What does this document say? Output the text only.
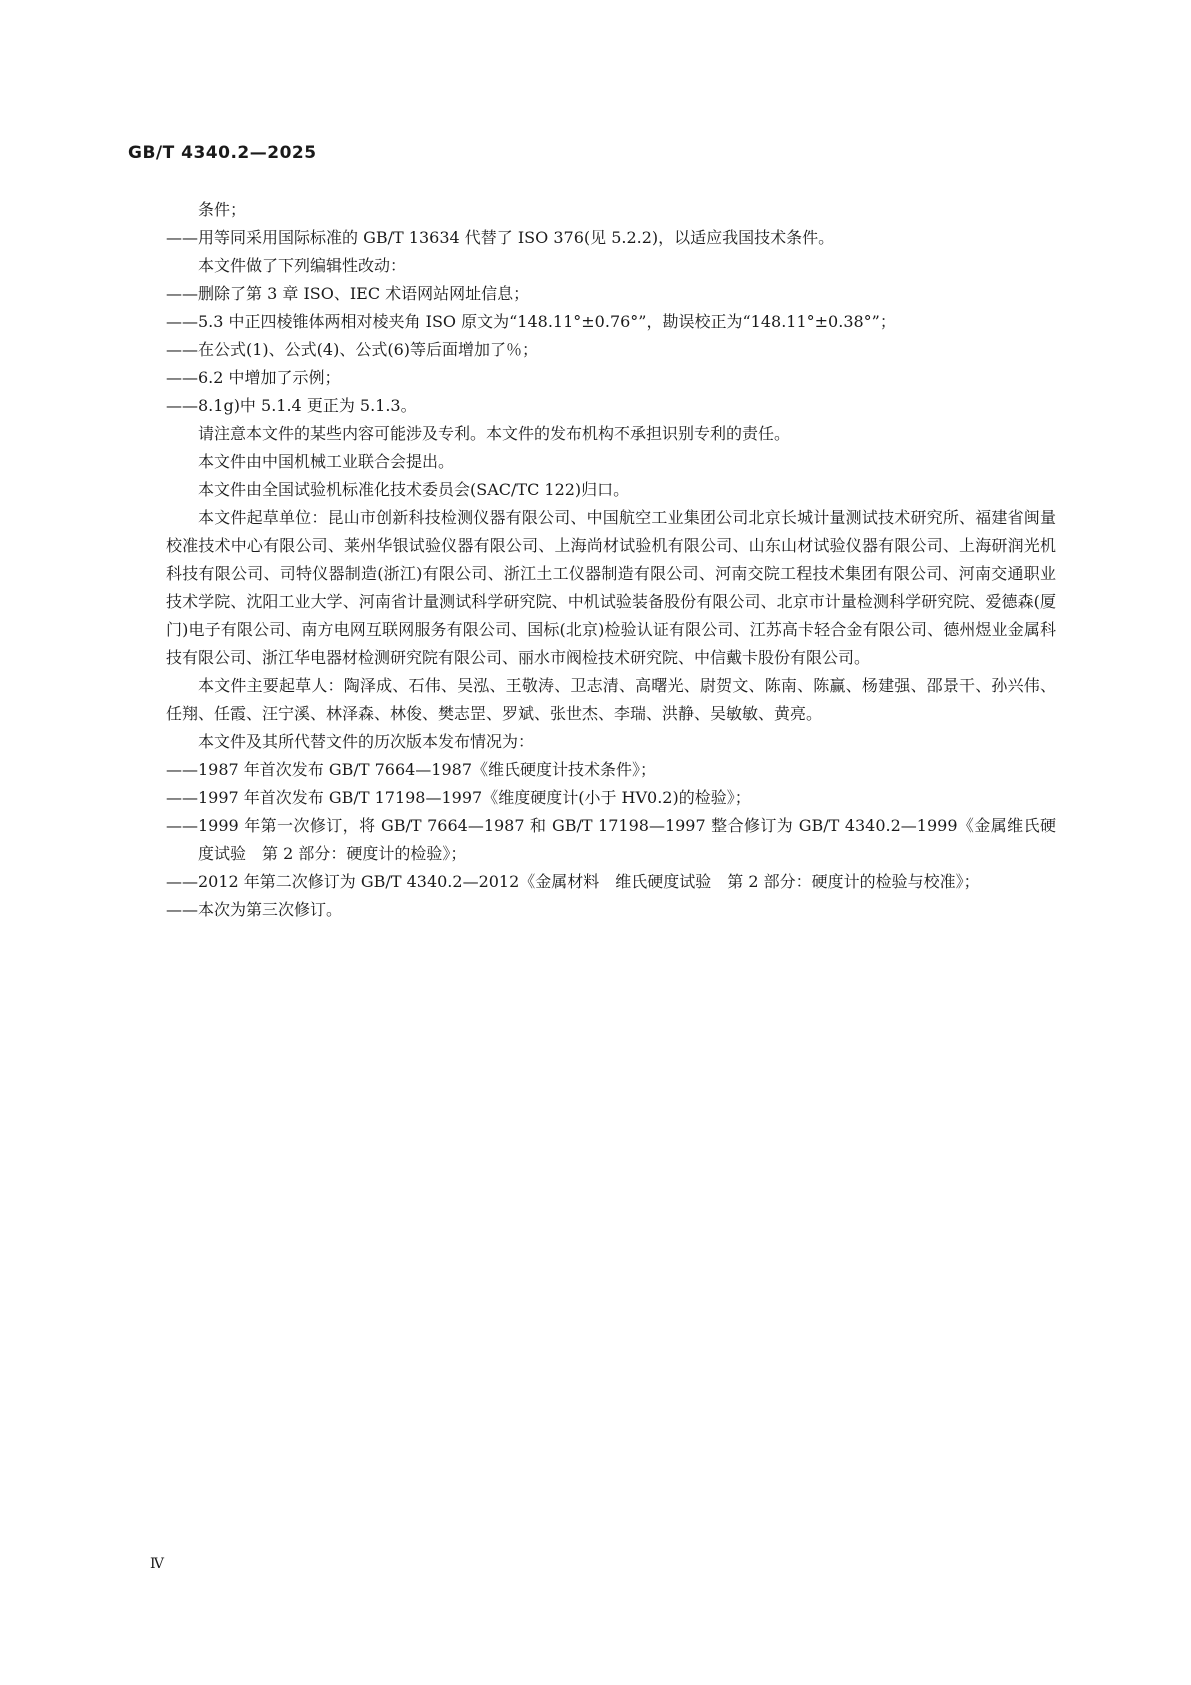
GB/T 4340.2—2025

条件；

——用等同采用国际标准的 GB/T 13634 代替了 ISO 376(见 5.2.2)，以适应我国技术条件。

本文件做了下列编辑性改动：

——删除了第 3 章 ISO、IEC 术语网站网址信息；

——5.3 中正四棱锥体两相对棱夹角 ISO 原文为“148.11°±0.76°”，勘误校正为“148.11°±0.38°”；

——在公式(1)、公式(4)、公式(6)等后面增加了％；

——6.2 中增加了示例；

——8.1g)中 5.1.4 更正为 5.1.3。

请注意本文件的某些内容可能涉及专利。本文件的发布机构不承担识别专利的责任。

本文件由中国机械工业联合会提出。

本文件由全国试验机标准化技术委员会(SAC/TC 122)归口。

本文件起草单位：昆山市创新科技检测仪器有限公司、中国航空工业集团公司北京长城计量测试技术研究所、福建省闽量校准技术中心有限公司、莱州华银试验仪器有限公司、上海尚材试验机有限公司、山东山材试验仪器有限公司、上海研润光机科技有限公司、司特仪器制造(浙江)有限公司、浙江土工仪器制造有限公司、河南交院工程技术集团有限公司、河南交通职业技术学院、沈阳工业大学、河南省计量测试科学研究院、中机试验装备股份有限公司、北京市计量检测科学研究院、爱德森(厦门)电子有限公司、南方电网互联网服务有限公司、国标(北京)检验认证有限公司、江苏高卡轻合金有限公司、德州煜业金属科技有限公司、浙江华电器材检测研究院有限公司、丽水市阀检技术研究院、中信戴卡股份有限公司。

本文件主要起草人：陶泽成、石伟、吴泓、王敬涛、卫志清、高曙光、尉贺文、陈南、陈赢、杨建强、邵景干、孙兴伟、任翔、任霞、汪宁溪、林泽森、林俊、樊志罡、罗斌、张世杰、李瑞、洪静、吴敏敏、黄亮。

本文件及其所代替文件的历次版本发布情况为：

——1987 年首次发布 GB/T 7664—1987《维氏硬度计技术条件》；

——1997 年首次发布 GB/T 17198—1997《维度硬度计(小于 HV0.2)的检验》；

——1999 年第一次修订，将 GB/T 7664—1987 和 GB/T 17198—1997 整合修订为 GB/T 4340.2—1999《金属维氏硬度试验　第 2 部分：硬度计的检验》；

——2012 年第二次修订为 GB/T 4340.2—2012《金属材料　维氏硬度试验　第 2 部分：硬度计的检验与校准》；

——本次为第三次修订。

Ⅳ
